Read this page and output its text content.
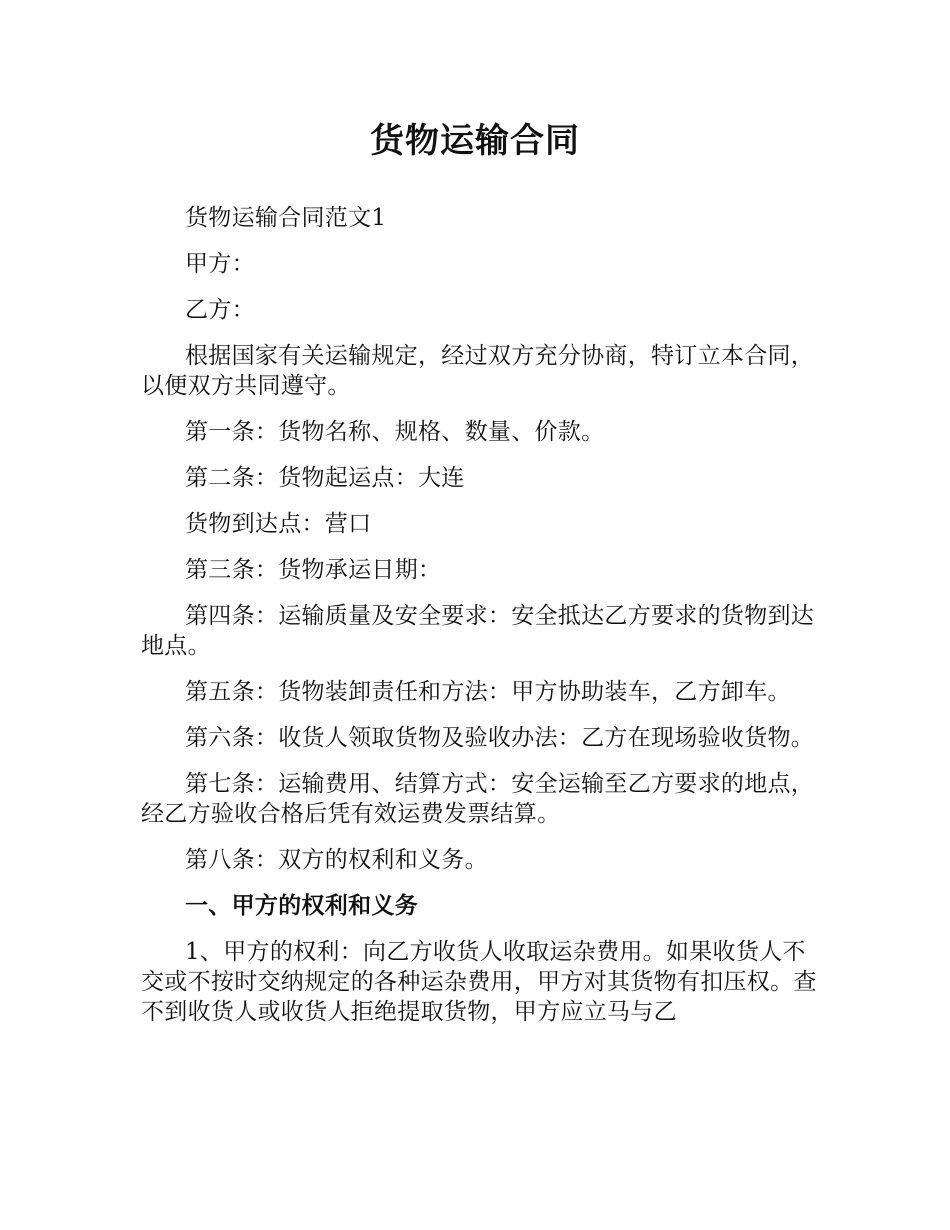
货物运输合同

货物运输合同范文1

甲方：

乙方：

根据国家有关运输规定，经过双方充分协商，特订立本合同，以便双方共同遵守。

第一条：货物名称、规格、数量、价款。

第二条：货物起运点：大连

货物到达点：营口

第三条：货物承运日期：

第四条：运输质量及安全要求：安全抵达乙方要求的货物到达地点。

第五条：货物装卸责任和方法：甲方协助装车，乙方卸车。

第六条：收货人领取货物及验收办法：乙方在现场验收货物。

第七条：运输费用、结算方式：安全运输至乙方要求的地点，经乙方验收合格后凭有效运费发票结算。

第八条：双方的权利和义务。

一、甲方的权利和义务

1、甲方的权利：向乙方收货人收取运杂费用。如果收货人不交或不按时交纳规定的各种运杂费用，甲方对其货物有扣压权。查不到收货人或收货人拒绝提取货物，甲方应立马与乙
